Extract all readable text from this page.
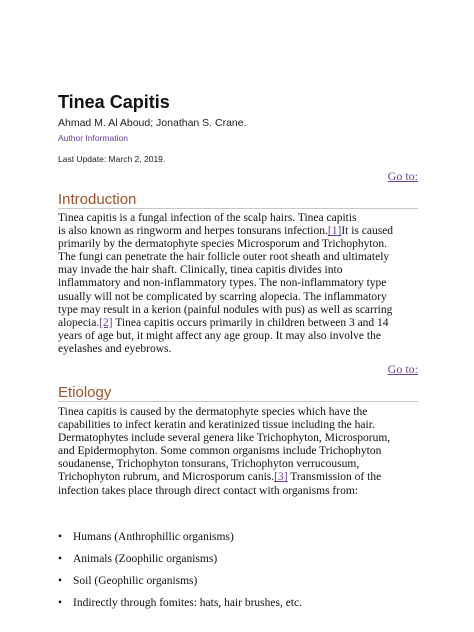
Tinea Capitis
Ahmad M. Al Aboud; Jonathan S. Crane.
Author Information
Last Update: March 2, 2019.
Go to:
Introduction
Tinea capitis is a fungal infection of the scalp hairs. Tinea capitis
is also known as ringworm and herpes tonsurans infection.[1]It is caused
primarily by the dermatophyte species Microsporum and Trichophyton.
The fungi can penetrate the hair follicle outer root sheath and ultimately
may invade the hair shaft. Clinically, tinea capitis divides into
inflammatory and non-inflammatory types. The non-inflammatory type
usually will not be complicated by scarring alopecia. The inflammatory
type may result in a kerion (painful nodules with pus) as well as scarring
alopecia.[2] Tinea capitis occurs primarily in children between 3 and 14
years of age but, it might affect any age group. It may also involve the
eyelashes and eyebrows.
Go to:
Etiology
Tinea capitis is caused by the dermatophyte species which have the
capabilities to infect keratin and keratinized tissue including the hair.
Dermatophytes include several genera like Trichophyton, Microsporum,
and Epidermophyton. Some common organisms include Trichophyton
soudanense, Trichophyton tonsurans, Trichophyton verrucousum,
Trichophyton rubrum, and Microsporum canis.[3] Transmission of the
infection takes place through direct contact with organisms from:
• Humans (Anthrophillic organisms)
• Animals (Zoophilic organisms)
• Soil (Geophilic organisms)
• Indirectly through fomites: hats, hair brushes, etc.
